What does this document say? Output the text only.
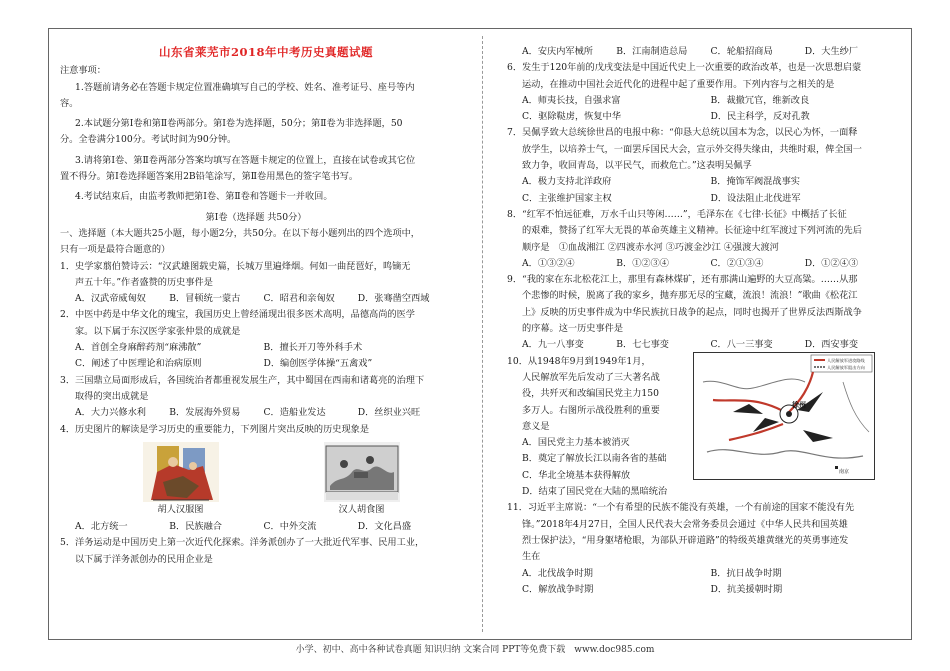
山东省莱芜市2018年中考历史真题试题

注意事项：

1.答题前请务必在答题卡规定位置准确填写自己的学校、姓名、准考证号、座号等内

容。

2.本试题分第Ⅰ卷和第Ⅱ卷两部分。第Ⅰ卷为选择题，50分；第Ⅱ卷为非选择题，50

分。全卷满分100分。考试时间为90分钟。

3.请将第Ⅰ卷、第Ⅱ卷两部分答案均填写在答题卡规定的位置上，直接在试卷或其它位

置不得分。第Ⅰ卷选择题答案用2B铅笔涂写，第Ⅱ卷用黑色的签字笔书写。

4.考试结束后，由监考教师把第Ⅰ卷、第Ⅱ卷和答题卡一并收回。

第Ⅰ卷（选择题 共50分）

一、选择题（本大题共25小题，每小题2分，共50分。在以下每小题列出的四个选项中，

只有一项是最符合题意的）

1．史学家翦伯赞诗云：“汉武雄图载史篇，长城万里遍烽烟。何如一曲琵琶好，鸣镝无

声五十年。”作者盛赞的历史事件是

A．汉武帝威匈奴	B．冒顿统一蒙古	C．昭君和亲匈奴	D．张骞凿空西域

2．中医中药是中华文化的瑰宝，我国历史上曾经涌现出很多医术高明，品德高尚的医学

家。以下属于东汉医学家张仲景的成就是

A．首创全身麻醉药剂“麻沸散”	B．擅长开刀等外科手术
C．阐述了中医理论和治病原则	D．编创医学体操“五禽戏”

3．三国鼎立局面形成后，各国统治者都重视发展生产，其中蜀国在西南和诸葛亮的治理下

取得的突出成就是

A．大力兴修水利	B．发展海外贸易	C．造船业发达	D．丝织业兴旺

4．历史图片的解读是学习历史的重要能力，下列图片突出反映的历史现象是

胡人汉服图	汉人胡食图
A．北方统一	B．民族融合	C．中外交流	D．文化昌盛

5．洋务运动是中国历史上第一次近代化探索。洋务派创办了一大批近代军事、民用工业，

以下属于洋务派创办的民用企业是

A．安庆内军械所	B．江南制造总局	C．轮船招商局	D．大生纱厂

6．发生于120年前的戊戌变法是中国近代史上一次重要的政治改革，也是一次思想启蒙

运动，在推动中国社会近代化的进程中起了重要作用。下列内容与之相关的是

A．师夷长技，自强求富	B．裁撤冗官，维新改良
C．驱除鞑虏，恢复中华	D．民主科学，反对孔教

7．吴佩孚致大总统徐世昌的电报中称：“仰恳大总统以国本为念，以民心为怀，一面释

放学生，以培养士气，一面罢斥国民大会，宣示外交得失缘由，共维时艰，俾全国一

致力争，收回青岛，以平民气，而救危亡。”这表明吴佩孚

A．极力支持北洋政府	B．掩饰军阀混战事实
C．主张维护国家主权	D．设法阻止北伐进军

8．“红军不怕远征难，万水千山只等闲……”，毛泽东在《七律·长征》中概括了长征

的艰难，赞扬了红军大无畏的革命英雄主义精神。长征途中红军渡过下列河流的先后

顺序是　①血战湘江 ②四渡赤水河 ③巧渡金沙江 ④强渡大渡河

A．①③②④	B．①②③④	C．②①③④	D．①②④③

9．“我的家在东北松花江上，那里有森林煤矿，还有那满山遍野的大豆高粱。……从那

个悲惨的时候，脱离了我的家乡，抛弃那无尽的宝藏，流浪！流浪！”歌曲《松花江

上》反映的历史事件成为中华民族抗日战争的起点，同时也揭开了世界反法西斯战争

的序幕。这一历史事件是

A．九一八事变	B．七七事变	C．八一三事变	D．西安事变

10．从1948年9月到1949年1月，

人民解放军先后发动了三大著名战

役，共歼灭和改编国民党主力150

多万人。右图所示战役胜利的重要

意义是

A．国民党主力基本被消灭

B．奠定了解放长江以南各省的基础

C．华北全境基本获得解放

D．结束了国民党在大陆的黑暗统治

人民解放军进攻路线
人民解放军阻击方向
徐州
南京

11．习近平主席说：“一个有希望的民族不能没有英雄，一个有前途的国家不能没有先

锋。”2018年4月27日，全国人民代表大会常务委员会通过《中华人民共和国英雄

烈士保护法》，“用身躯堵枪眼，为部队开辟道路”的特级英雄黄继光的英勇事迹发

生在

A．北伐战争时期	B．抗日战争时期
C．解放战争时期	D．抗美援朝时期
小学、初中、高中各种试卷真题 知识归纳 文案合同 PPT等免费下载　www.doc985.com
